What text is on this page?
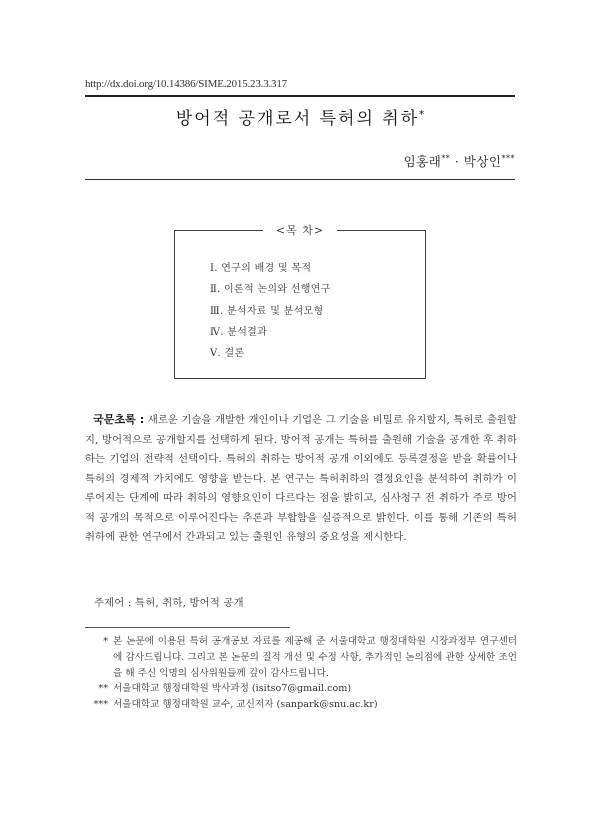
http://dx.doi.org/10.14386/SIME.2015.23.3.317
방어적 공개로서 특허의 취하*
임홍래** · 박상인***
<목 차>
Ⅰ. 연구의 배경 및 목적
Ⅱ. 이론적 논의와 선행연구
Ⅲ. 분석자료 및 분석모형
Ⅳ. 분석결과
Ⅴ. 결론
국문초록 : 새로운 기술을 개발한 개인이나 기업은 그 기술을 비밀로 유지할지, 특허로 출원할지, 방어적으로 공개할지를 선택하게 된다. 방어적 공개는 특허를 출원해 기술을 공개한 후 취하하는 기업의 전략적 선택이다. 특허의 취하는 방어적 공개 이외에도 등록결정을 받을 확률이나 특허의 경제적 가치에도 영향을 받는다. 본 연구는 특허취하의 결정요인을 분석하여 취하가 이루어지는 단계에 따라 취하의 영향요인이 다르다는 점을 밝히고, 심사청구 전 취하가 주로 방어적 공개의 목적으로 이루어진다는 추론과 부합함을 실증적으로 밝힌다. 이를 통해 기존의 특허취하에 관한 연구에서 간과되고 있는 출원인 유형의 중요성을 제시한다.
주제어 : 특허, 취하, 방어적 공개
* 본 논문에 이용된 특허 공개공보 자료를 제공해 준 서울대학교 행정대학원 시장과정부 연구센터에 감사드립니다. 그리고 본 논문의 질적 개선 및 수정 사항, 추가적인 논의점에 관한 상세한 조언을 해 주신 익명의 심사위원들께 깊이 감사드립니다.
** 서울대학교 행정대학원 박사과정 (isitso7@gmail.com)
*** 서울대학교 행정대학원 교수, 교신저자 (sanpark@snu.ac.kr)
